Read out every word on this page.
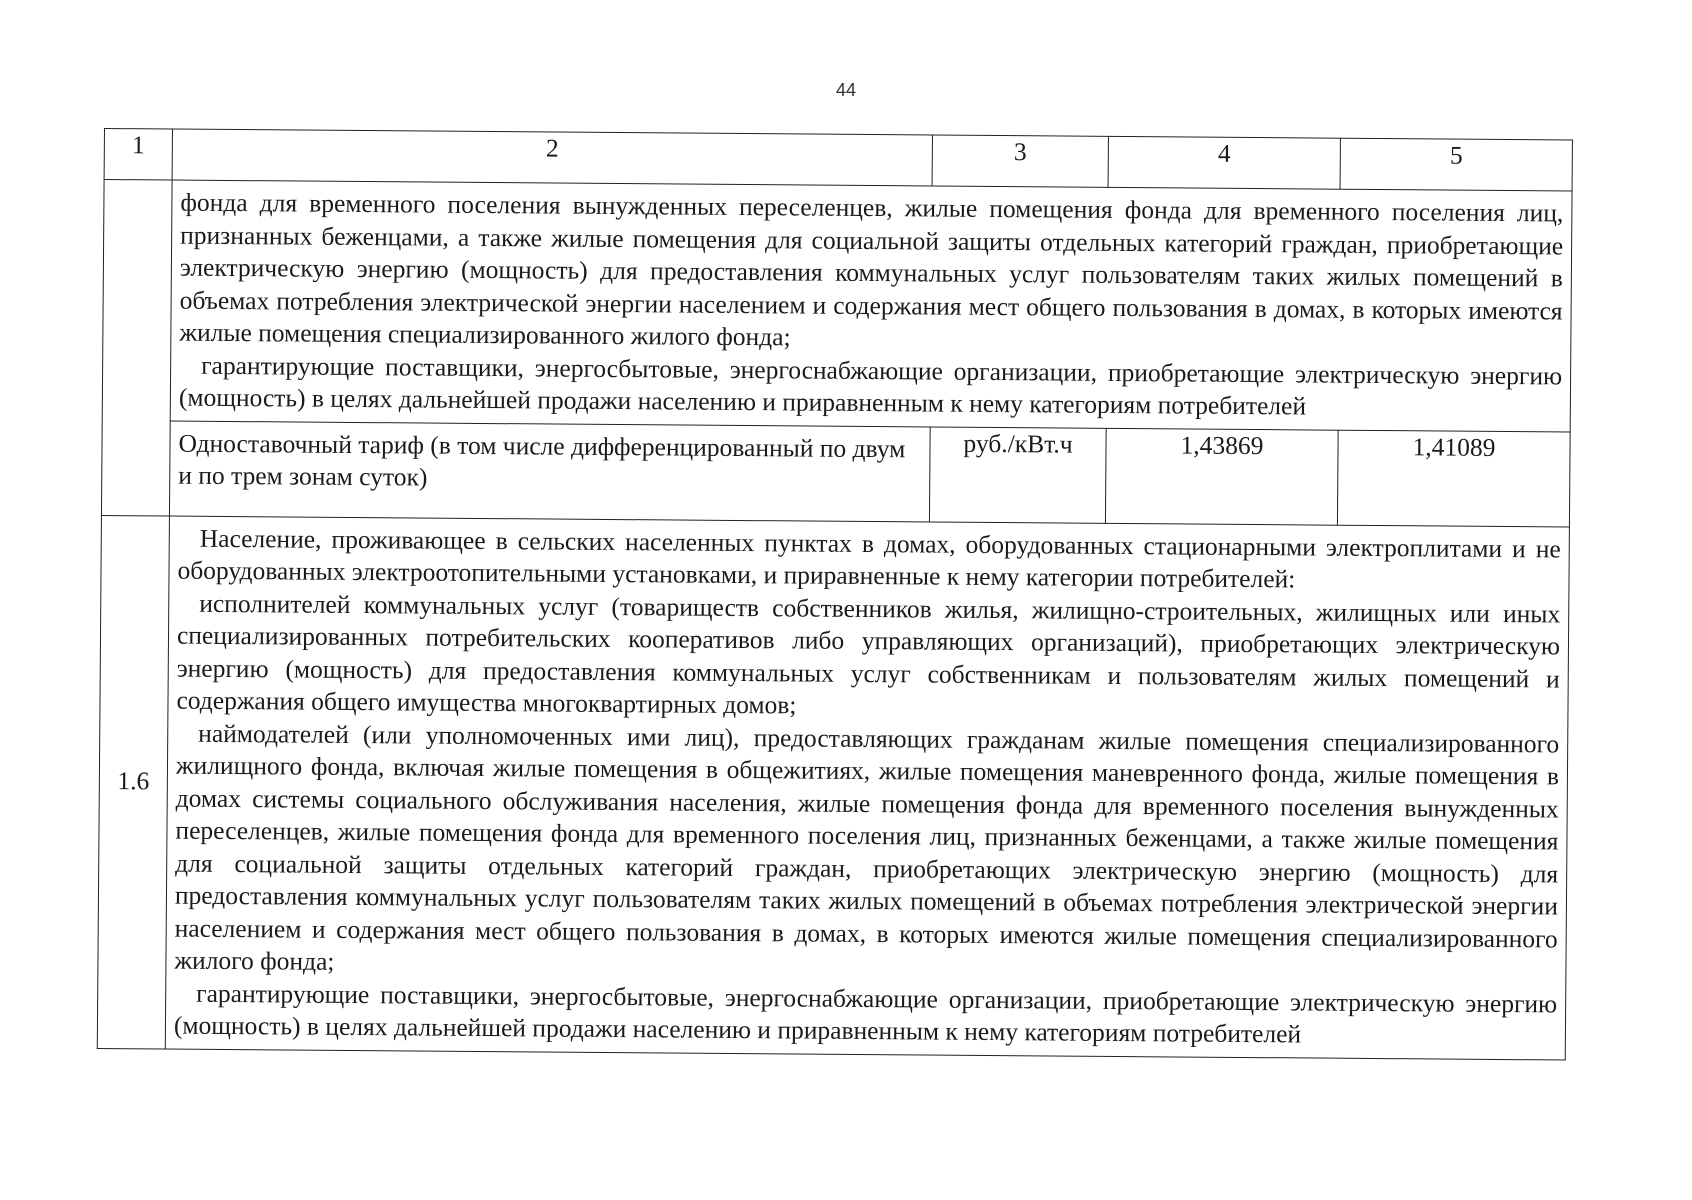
44
1	2	3	4	5

	фонда для временного поселения вынужденных переселенцев, жилые помещения фонда для временного поселения лиц, признанных беженцами, а также жилые помещения для социальной защиты отдельных категорий граждан, приобретающие электрическую энергию (мощность) для предоставления коммунальных услуг пользователям таких жилых помещений в объемах потребления электрической энергии населением и содержания мест общего пользования в домах, в которых имеются жилые помещения специализированного жилого фонда;

гарантирующие поставщики, энергосбытовые, энергоснабжающие организации, приобретающие электрическую энергию (мощность) в целях дальнейшей продажи населению и приравненным к нему категориям потребителей			

	Одноставочный тариф (в том числе дифференцированный по двум и по трем зонам суток)	руб./кВт.ч	1,43869	1,41089
1.6	Население, проживающее в сельских населенных пунктах в домах, оборудованных стационарными электроплитами и не оборудованных электроотопительными установками, и приравненные к нему категории потребителей:

исполнителей коммунальных услуг (товариществ собственников жилья, жилищно-строительных, жилищных или иных специализированных потребительских кооперативов либо управляющих организаций), приобретающих электрическую энергию (мощность) для предоставления коммунальных услуг собственникам и пользователям жилых помещений и содержания общего имущества многоквартирных домов;

наймодателей (или уполномоченных ими лиц), предоставляющих гражданам жилые помещения специализированного жилищного фонда, включая жилые помещения в общежитиях, жилые помещения маневренного фонда, жилые помещения в домах системы социального обслуживания населения, жилые помещения фонда для временного поселения вынужденных переселенцев, жилые помещения фонда для временного поселения лиц, признанных беженцами, а также жилые помещения для социальной защиты отдельных категорий граждан, приобретающих электрическую энергию (мощность) для предоставления коммунальных услуг пользователям таких жилых помещений в объемах потребления электрической энергии населением и содержания мест общего пользования в домах, в которых имеются жилые помещения специализированного жилого фонда;

гарантирующие поставщики, энергосбытовые, энергоснабжающие организации, приобретающие электрическую энергию (мощность) в целях дальнейшей продажи населению и приравненным к нему категориям потребителей			
